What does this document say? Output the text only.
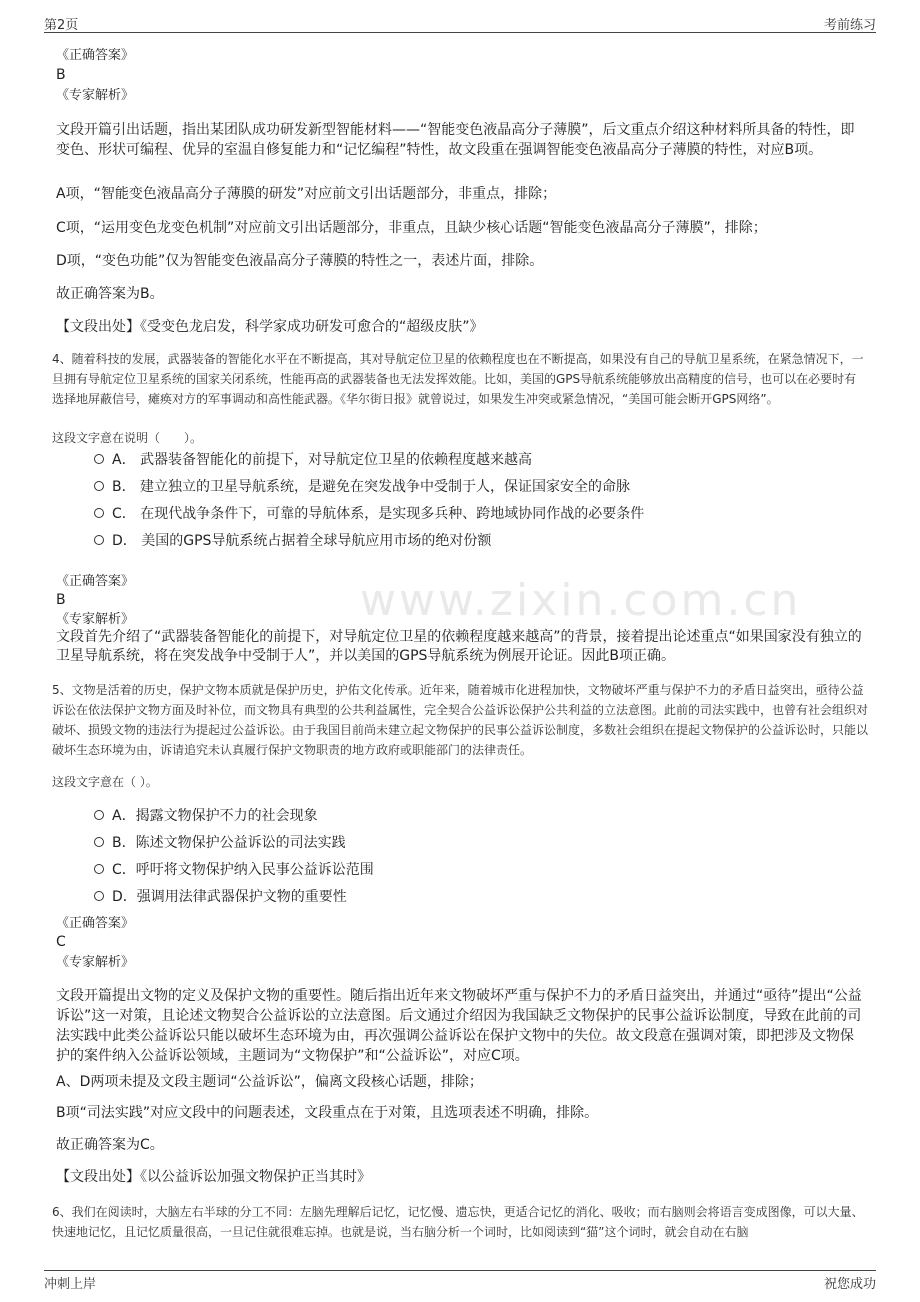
第2页	考前练习
www.zixin.com.cn
《正确答案》
B
《专家解析》
文段开篇引出话题，指出某团队成功研发新型智能材料——“智能变色液晶高分子薄膜”，后文重点介绍这种材料所具备的特性，即变色、形状可编程、优异的室温自修复能力和“记忆编程”特性，故文段重在强调智能变色液晶高分子薄膜的特性，对应B项。
A项，“智能变色液晶高分子薄膜的研发”对应前文引出话题部分，非重点，排除；
C项，“运用变色龙变色机制”对应前文引出话题部分，非重点，且缺少核心话题“智能变色液晶高分子薄膜”，排除；
D项，“变色功能”仅为智能变色液晶高分子薄膜的特性之一，表述片面，排除。
故正确答案为B。
【文段出处】《受变色龙启发，科学家成功研发可愈合的“超级皮肤”》
4、随着科技的发展，武器装备的智能化水平在不断提高，其对导航定位卫星的依赖程度也在不断提高，如果没有自己的导航卫星系统，在紧急情况下，一旦拥有导航定位卫星系统的国家关闭系统，性能再高的武器装备也无法发挥效能。比如，美国的GPS导航系统能够放出高精度的信号，也可以在必要时有选择地屏蔽信号，瘫痪对方的军事调动和高性能武器。《华尔街日报》就曾说过，如果发生冲突或紧急情况，“美国可能会断开GPS网络”。
这段文字意在说明（　　）。
A． 武器装备智能化的前提下，对导航定位卫星的依赖程度越来越高
B． 建立独立的卫星导航系统，是避免在突发战争中受制于人，保证国家安全的命脉
C． 在现代战争条件下，可靠的导航体系，是实现多兵种、跨地域协同作战的必要条件
D． 美国的GPS导航系统占据着全球导航应用市场的绝对份额
《正确答案》
B
《专家解析》
文段首先介绍了“武器装备智能化的前提下，对导航定位卫星的依赖程度越来越高”的背景，接着提出论述重点“如果国家没有独立的卫星导航系统，将在突发战争中受制于人”，并以美国的GPS导航系统为例展开论证。因此B项正确。
5、文物是活着的历史，保护文物本质就是保护历史，护佑文化传承。近年来，随着城市化进程加快，文物破坏严重与保护不力的矛盾日益突出，亟待公益诉讼在依法保护文物方面及时补位，而文物具有典型的公共利益属性，完全契合公益诉讼保护公共利益的立法意图。此前的司法实践中，也曾有社会组织对破坏、损毁文物的违法行为提起过公益诉讼。由于我国目前尚未建立起文物保护的民事公益诉讼制度，多数社会组织在提起文物保护的公益诉讼时，只能以破坏生态环境为由，诉请追究未认真履行保护文物职责的地方政府或职能部门的法律责任。
这段文字意在（ ）。
A．揭露文物保护不力的社会现象
B．陈述文物保护公益诉讼的司法实践
C．呼吁将文物保护纳入民事公益诉讼范围
D．强调用法律武器保护文物的重要性
《正确答案》
C
《专家解析》
文段开篇提出文物的定义及保护文物的重要性。随后指出近年来文物破坏严重与保护不力的矛盾日益突出，并通过“亟待”提出“公益诉讼”这一对策，且论述文物契合公益诉讼的立法意图。后文通过介绍因为我国缺乏文物保护的民事公益诉讼制度，导致在此前的司法实践中此类公益诉讼只能以破坏生态环境为由，再次强调公益诉讼在保护文物中的失位。故文段意在强调对策，即把涉及文物保护的案件纳入公益诉讼领域，主题词为“文物保护”和“公益诉讼”，对应C项。
A、D两项未提及文段主题词“公益诉讼”，偏离文段核心话题，排除；
B项“司法实践”对应文段中的问题表述，文段重点在于对策，且选项表述不明确，排除。
故正确答案为C。
【文段出处】《以公益诉讼加强文物保护正当其时》
6、我们在阅读时，大脑左右半球的分工不同：左脑先理解后记忆，记忆慢、遗忘快，更适合记忆的消化、吸收；而右脑则会将语言变成图像，可以大量、快速地记忆，且记忆质量很高，一旦记住就很难忘掉。也就是说，当右脑分析一个词时，比如阅读到“猫”这个词时，就会自动在右脑
冲刺上岸	祝您成功
